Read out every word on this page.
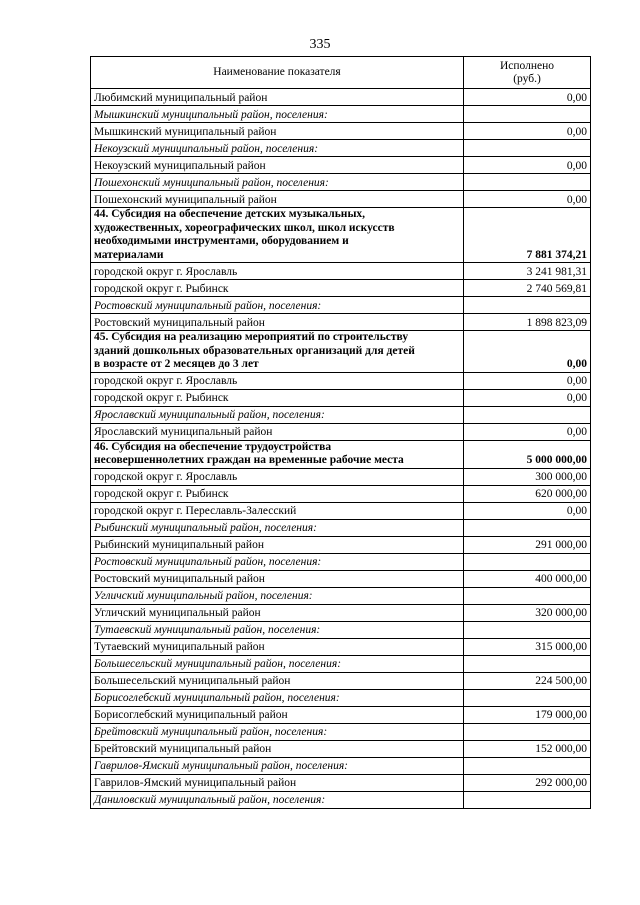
335
Наименование показателя	Исполнено
(руб.)
Любимский муниципальный район	0,00
Мышкинский муниципальный район, поселения:	
Мышкинский муниципальный район	0,00
Некоузский муниципальный район, поселения:	
Некоузский муниципальный район	0,00
Пошехонский муниципальный район, поселения:	
Пошехонский муниципальный район	0,00
44. Субсидия на обеспечение детских музыкальных,
художественных, хореографических школ, школ искусств
необходимыми инструментами, оборудованием и
материалами	7 881 374,21
городской округ г. Ярославль	3 241 981,31
городской округ г. Рыбинск	2 740 569,81
Ростовский муниципальный район, поселения:	
Ростовский муниципальный район	1 898 823,09
45. Субсидия на реализацию мероприятий по строительству
зданий дошкольных образовательных организаций для детей
в возрасте от 2 месяцев до 3 лет	0,00
городской округ г. Ярославль	0,00
городской округ г. Рыбинск	0,00
Ярославский муниципальный район, поселения:	
Ярославский муниципальный район	0,00
46. Субсидия на обеспечение трудоустройства
несовершеннолетних граждан на временные рабочие места	5 000 000,00
городской округ г. Ярославль	300 000,00
городской округ г. Рыбинск	620 000,00
городской округ г. Переславль-Залесский	0,00
Рыбинский муниципальный район, поселения:	
Рыбинский муниципальный район	291 000,00
Ростовский муниципальный район, поселения:	
Ростовский муниципальный район	400 000,00
Угличский муниципальный район, поселения:	
Угличский муниципальный район	320 000,00
Тутаевский муниципальный район, поселения:	
Тутаевский муниципальный район	315 000,00
Большесельский муниципальный район, поселения:	
Большесельский муниципальный район	224 500,00
Борисоглебский муниципальный район, поселения:	
Борисоглебский муниципальный район	179 000,00
Брейтовский муниципальный район, поселения:	
Брейтовский муниципальный район	152 000,00
Гаврилов-Ямский муниципальный район, поселения:	
Гаврилов-Ямский муниципальный район	292 000,00
Даниловский муниципальный район, поселения:	
